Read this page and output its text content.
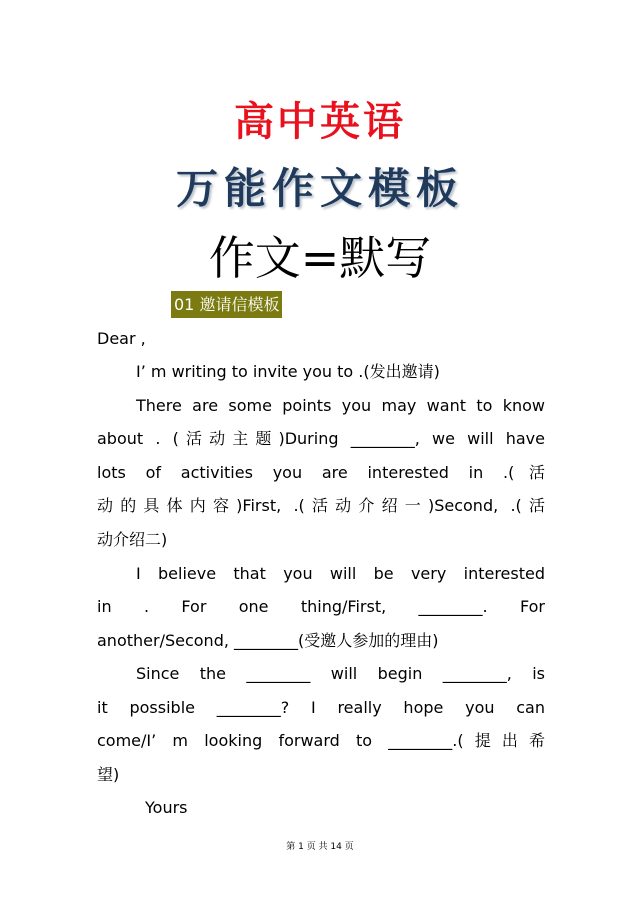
高中英语
万能作文模板
作文=默写
01 邀请信模板
Dear ,
I’ m writing to invite you to .(发出邀请)
There are some points you may want to know
about . (活动主题)During ________, we will have
lots of activities you are interested in .(活
动的具体内容)First, .(活动介绍一)Second, .(活
动介绍二)
I believe that you will be very interested
in . For one thing/First, ________. For
another/Second, ________(受邀人参加的理由)
Since the ________ will begin ________, is
it possible ________? I really hope you can
come/I’ m looking forward to ________.(提出希
望)
Yours
第 1 页 共 14 页
